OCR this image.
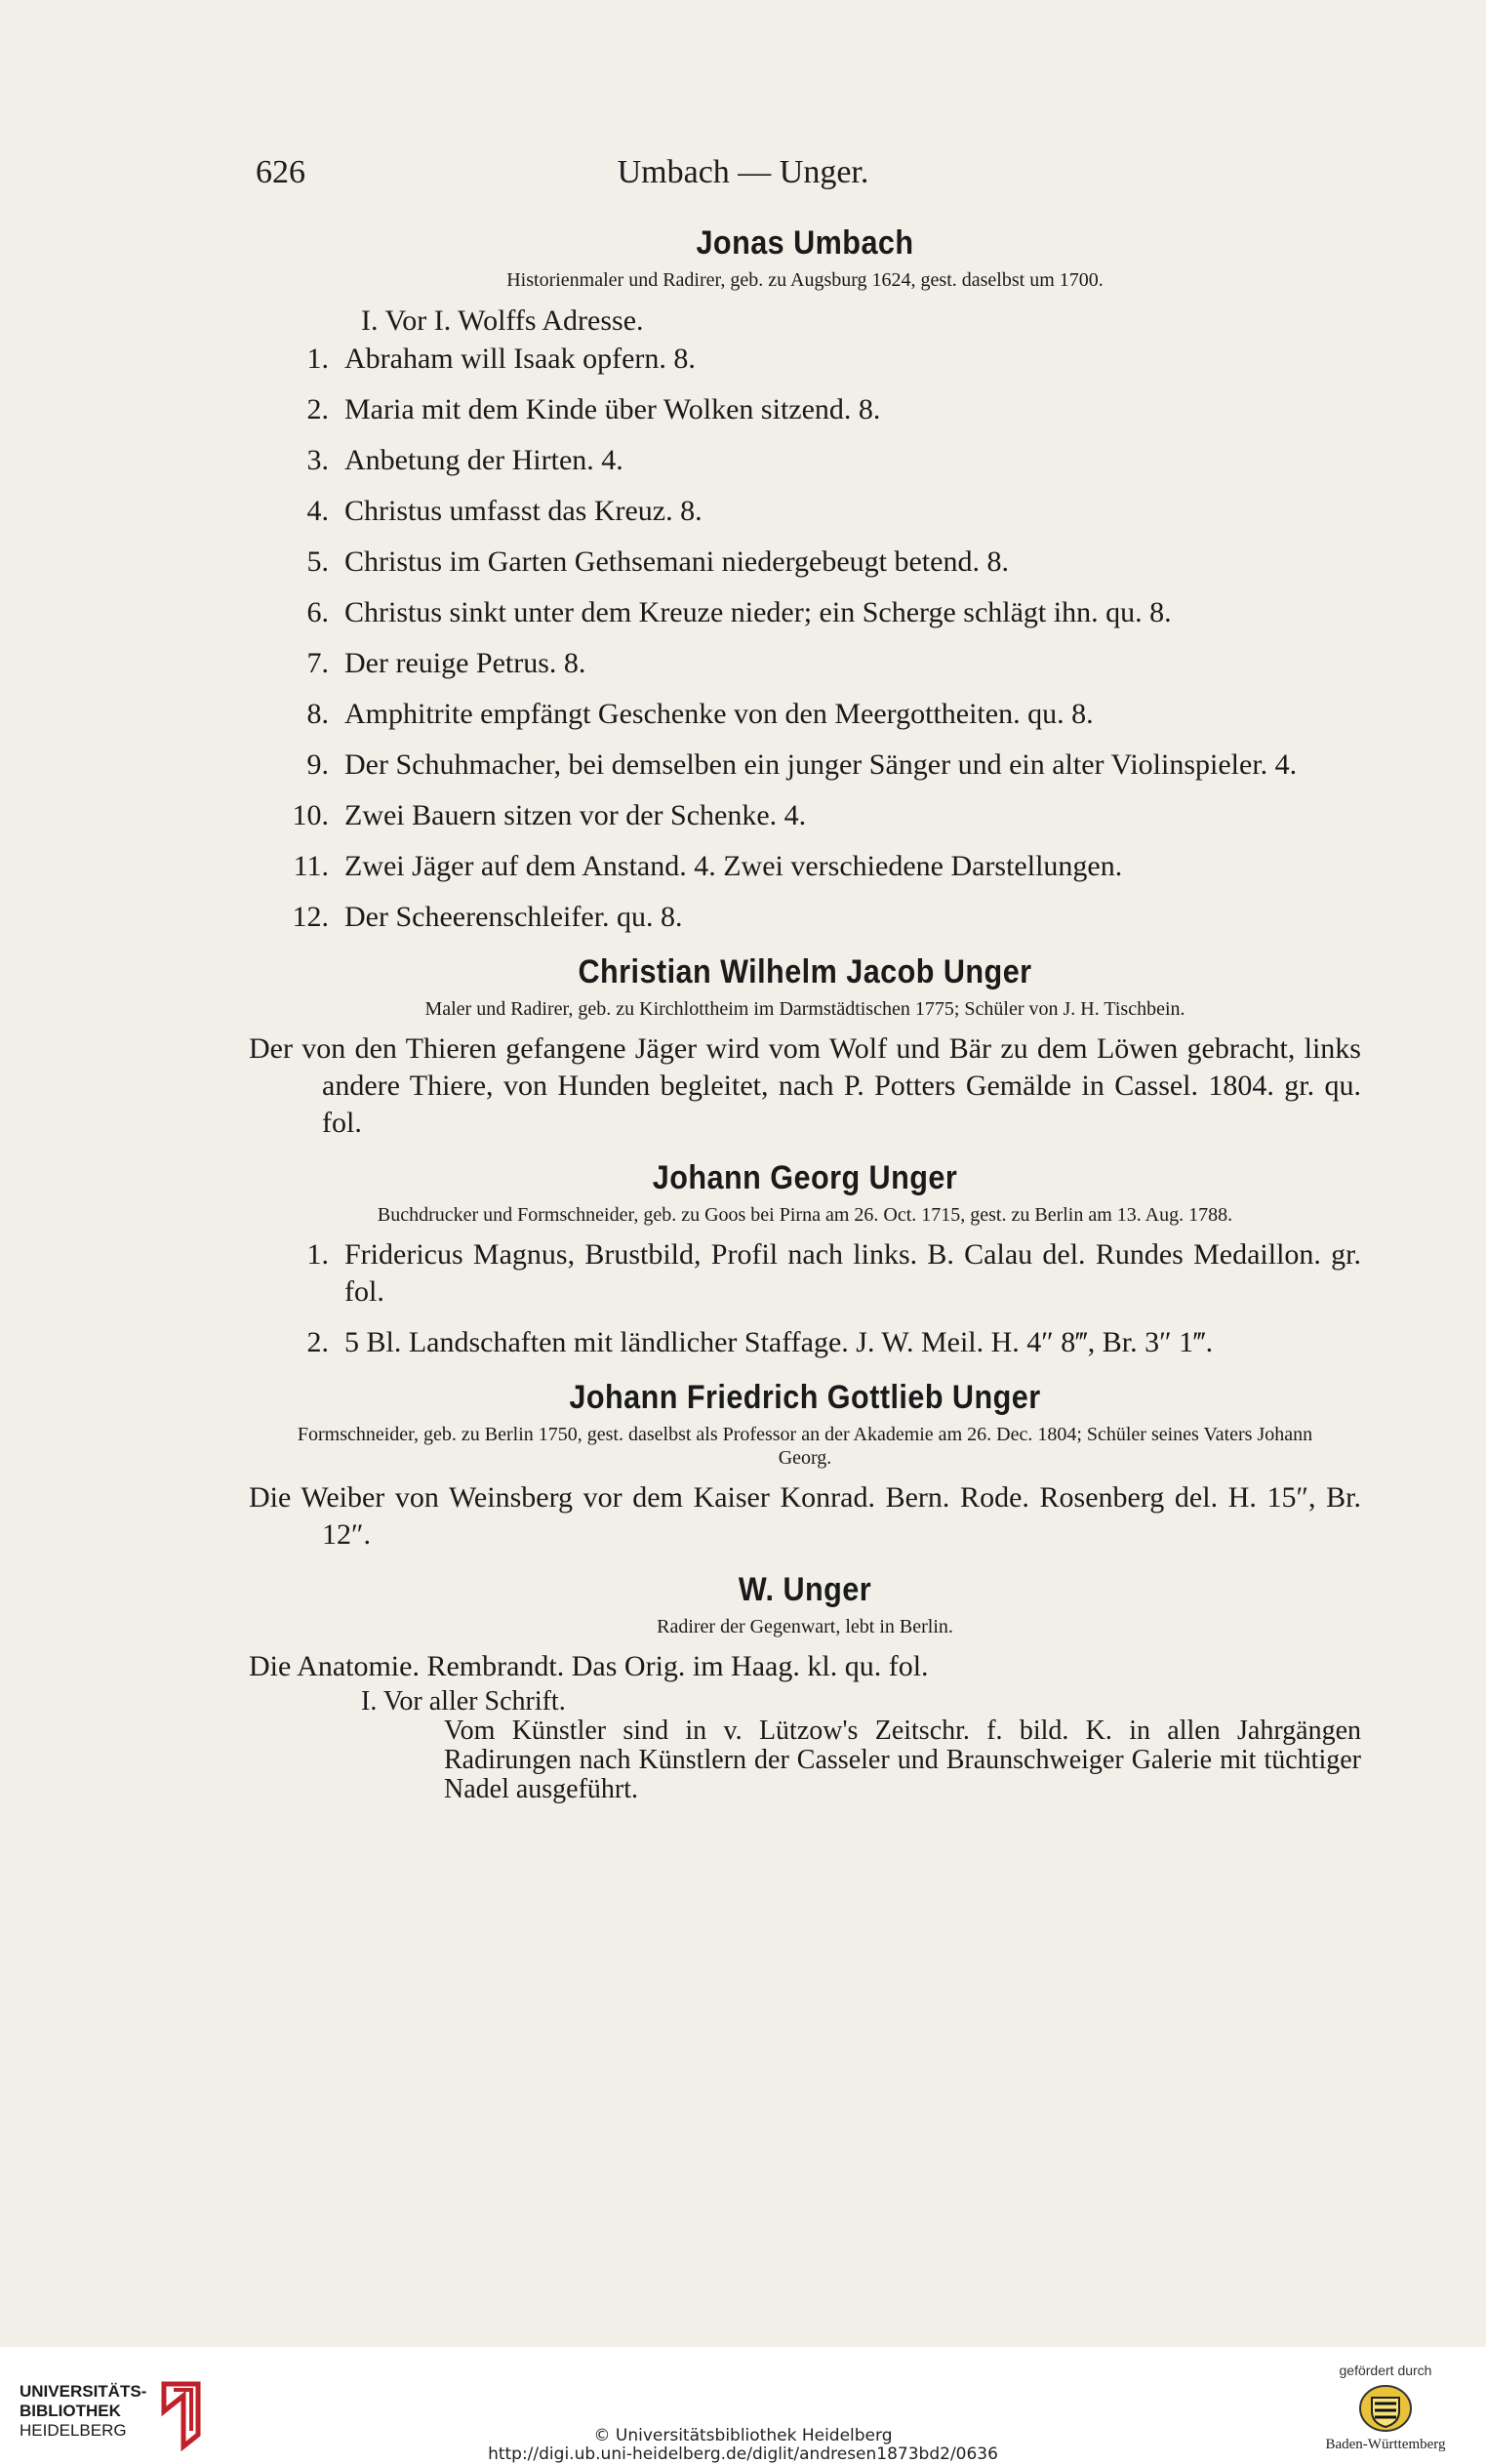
626	Umbach — Unger.
Jonas Umbach
Historienmaler und Radirer, geb. zu Augsburg 1624, gest. daselbst um 1700.
I. Vor I. Wolffs Adresse.
1. Abraham will Isaak opfern. 8.
2. Maria mit dem Kinde über Wolken sitzend. 8.
3. Anbetung der Hirten. 4.
4. Christus umfasst das Kreuz. 8.
5. Christus im Garten Gethsemani niedergebeugt betend. 8.
6. Christus sinkt unter dem Kreuze nieder; ein Scherge schlägt ihn. qu. 8.
7. Der reuige Petrus. 8.
8. Amphitrite empfängt Geschenke von den Meergottheiten. qu. 8.
9. Der Schuhmacher, bei demselben ein junger Sänger und ein alter Violinspieler. 4.
10. Zwei Bauern sitzen vor der Schenke. 4.
11. Zwei Jäger auf dem Anstand. 4. Zwei verschiedene Darstellungen.
12. Der Scheerenschleifer. qu. 8.
Christian Wilhelm Jacob Unger
Maler und Radirer, geb. zu Kirchlottheim im Darmstädtischen 1775; Schüler von J. H. Tischbein.
Der von den Thieren gefangene Jäger wird vom Wolf und Bär zu dem Löwen gebracht, links andere Thiere, von Hunden begleitet, nach P. Potters Gemälde in Cassel. 1804. gr. qu. fol.
Johann Georg Unger
Buchdrucker und Formschneider, geb. zu Goos bei Pirna am 26. Oct. 1715, gest. zu Berlin am 13. Aug. 1788.
1. Fridericus Magnus, Brustbild, Profil nach links. B. Calau del. Rundes Medaillon. gr. fol.
2. 5 Bl. Landschaften mit ländlicher Staffage. J. W. Meil. H. 4″ 8‴, Br. 3″ 1‴.
Johann Friedrich Gottlieb Unger
Formschneider, geb. zu Berlin 1750, gest. daselbst als Professor an der Akademie am 26. Dec. 1804; Schüler seines Vaters Johann Georg.
Die Weiber von Weinsberg vor dem Kaiser Konrad. Bern. Rode. Rosenberg del. H. 15″, Br. 12″.
W. Unger
Radirer der Gegenwart, lebt in Berlin.
Die Anatomie. Rembrandt. Das Orig. im Haag. kl. qu. fol.
I. Vor aller Schrift.
Vom Künstler sind in v. Lützow's Zeitschr. f. bild. K. in allen Jahrgängen Radirungen nach Künstlern der Casseler und Braunschweiger Galerie mit tüchtiger Nadel ausgeführt.
UNIVERSITÄTS-
BIBLIOTHEK
HEIDELBERG	© Universitätsbibliothek Heidelberg
http://digi.ub.uni-heidelberg.de/diglit/andresen1873bd2/0636
gefördert durch
Baden-Württemberg
